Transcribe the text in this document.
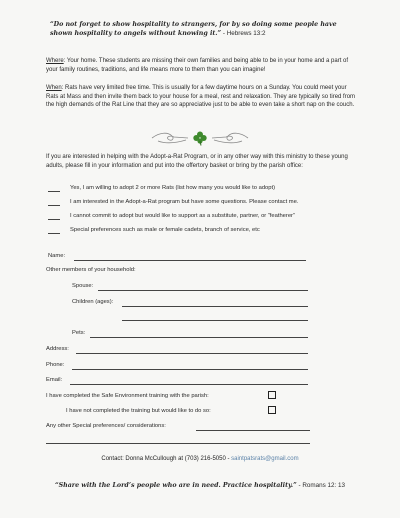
“Do not forget to show hospitality to strangers, for by so doing some people have shown hospitality to angels without knowing it.” - Hebrews 13:2
Where: Your home. These students are missing their own families and being able to be in your home and a part of your family routines, traditions, and life means more to them than you can imagine!
When: Rats have very limited free time. This is usually for a few daytime hours on a Sunday. You could meet your Rats at Mass and then invite them back to your house for a meal, rest and relaxation. They are typically so tired from the high demands of the Rat Line that they are so appreciative just to be able to even take a short nap on the couch.
If you are interested in helping with the Adopt-a-Rat Program, or in any other way with this ministry to these young adults, please fill in your information and put into the offertory basket or bring by the parish office:
Yes, I am willing to adopt 2 or more Rats (list how many you would like to adopt)
I am interested in the Adopt-a-Rat program but have some questions. Please contact me.
I cannot commit to adopt but would like to support as a substitute, partner, or “featherer”
Special preferences such as male or female cadets, branch of service, etc
Name:
Other members of your household:
Spouse:
Children (ages):
Pets:
Address:
Phone:
Email:
I have completed the Safe Environment training with the parish:
I have not completed the training but would like to do so:
Any other Special preferences/ considerations:
Contact: Donna McCullough at (703) 216-5050 - saintpatsrats@gmail.com
“Share with the Lord’s people who are in need. Practice hospitality.” - Romans 12: 13
